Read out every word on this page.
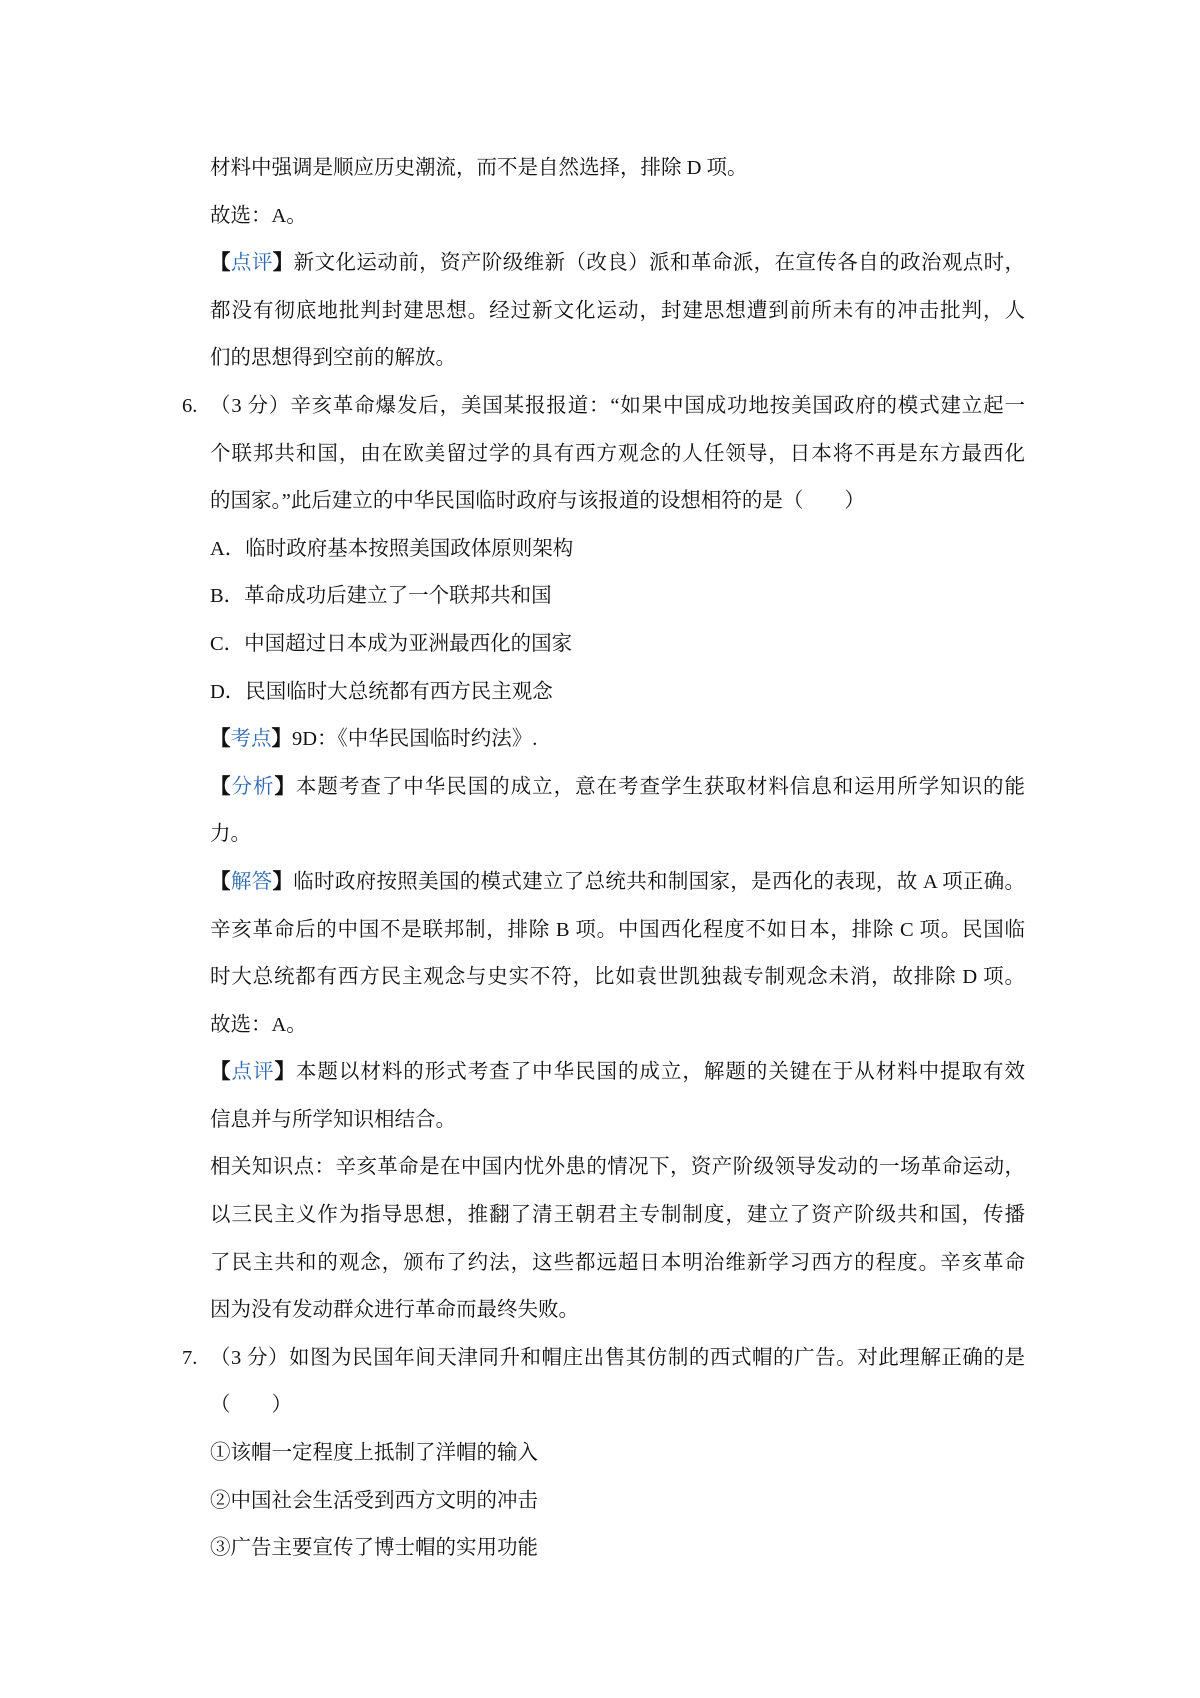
材料中强调是顺应历史潮流，而不是自然选择，排除 D 项。
故选：A。
【点评】新文化运动前，资产阶级维新（改良）派和革命派，在宣传各自的政治观点时，
都没有彻底地批判封建思想。经过新文化运动，封建思想遭到前所未有的冲击批判，人
们的思想得到空前的解放。
6. （3 分）辛亥革命爆发后，美国某报报道：“如果中国成功地按美国政府的模式建立起一
个联邦共和国，由在欧美留过学的具有西方观念的人任领导，日本将不再是东方最西化
的国家。”此后建立的中华民国临时政府与该报道的设想相符的是（　　）
A．临时政府基本按照美国政体原则架构
B．革命成功后建立了一个联邦共和国
C．中国超过日本成为亚洲最西化的国家
D．民国临时大总统都有西方民主观念
【考点】9D：《中华民国临时约法》.
【分析】本题考查了中华民国的成立，意在考查学生获取材料信息和运用所学知识的能
力。
【解答】临时政府按照美国的模式建立了总统共和制国家，是西化的表现，故 A 项正确。
辛亥革命后的中国不是联邦制，排除 B 项。中国西化程度不如日本，排除 C 项。民国临
时大总统都有西方民主观念与史实不符，比如袁世凯独裁专制观念未消，故排除 D 项。
故选：A。
【点评】本题以材料的形式考查了中华民国的成立，解题的关键在于从材料中提取有效
信息并与所学知识相结合。
相关知识点：辛亥革命是在中国内忧外患的情况下，资产阶级领导发动的一场革命运动，
以三民主义作为指导思想，推翻了清王朝君主专制制度，建立了资产阶级共和国，传播
了民主共和的观念，颁布了约法，这些都远超日本明治维新学习西方的程度。辛亥革命
因为没有发动群众进行革命而最终失败。
7. （3 分）如图为民国年间天津同升和帽庄出售其仿制的西式帽的广告。对此理解正确的是
（　　）
①该帽一定程度上抵制了洋帽的输入
②中国社会生活受到西方文明的冲击
③广告主要宣传了博士帽的实用功能
